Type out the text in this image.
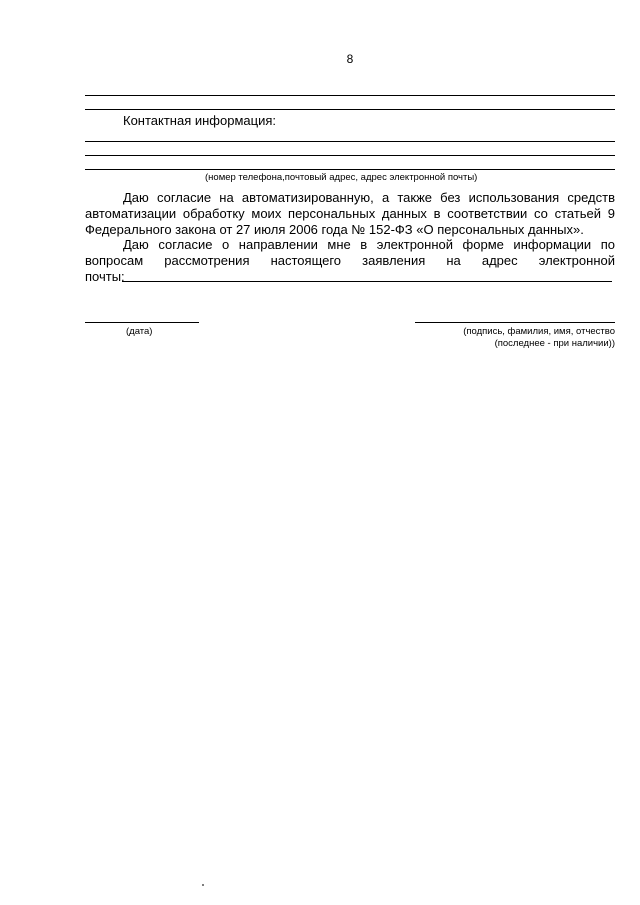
8
Контактная информация:
(номер телефона,почтовый адрес, адрес электронной почты)
Даю согласие на автоматизированную, а также без использования средств
автоматизации обработку моих персональных данных в соответствии со статьей 9
Федерального закона от 27 июля 2006 года № 152-ФЗ «О персональных данных».
Даю согласие о направлении мне в электронной форме информации по
вопросам рассмотрения настоящего заявления на адрес электронной
почты:
(дата)	(подпись, фамилия, имя, отчество
(последнее - при наличии))
